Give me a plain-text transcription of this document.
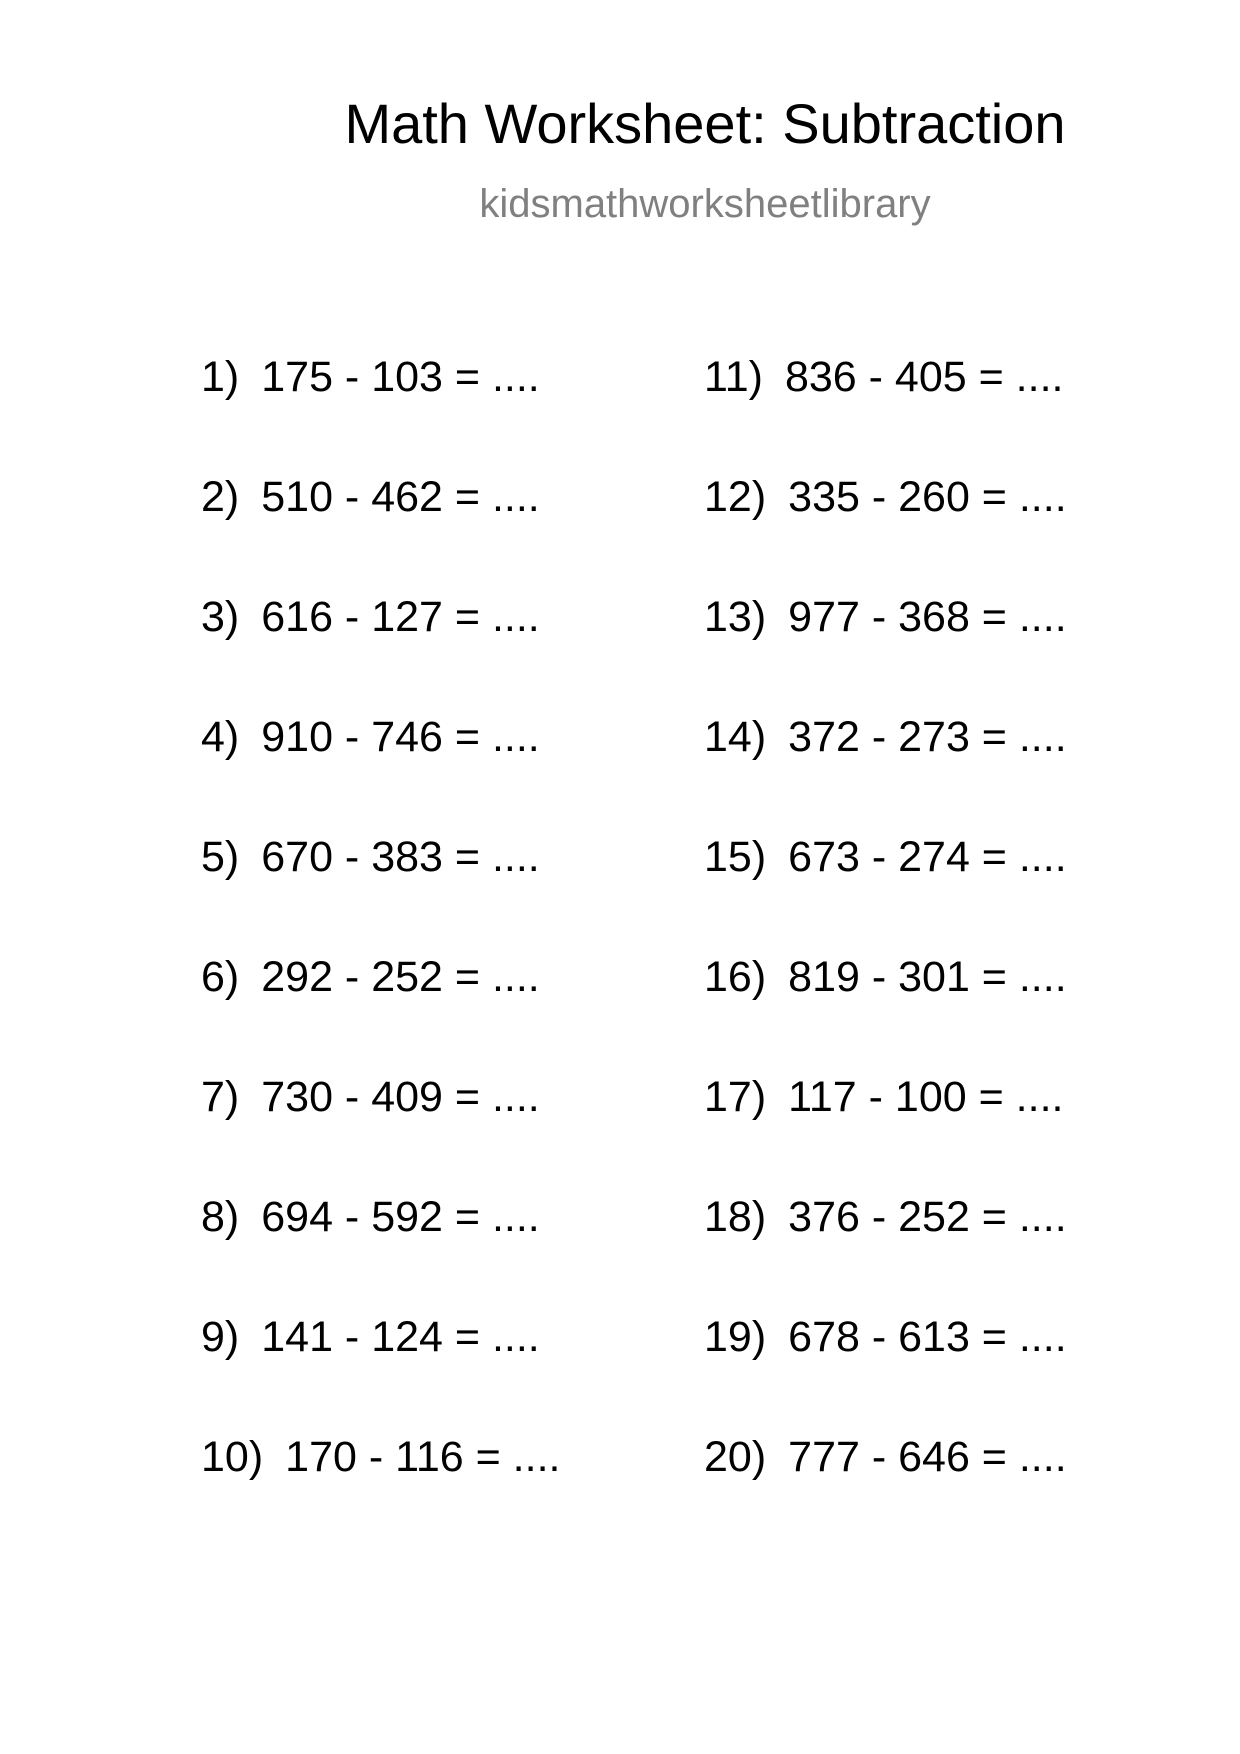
Math Worksheet: Subtraction
kidsmathworksheetlibrary
1) 175 - 103 = ....
2) 510 - 462 = ....
3) 616 - 127 = ....
4) 910 - 746 = ....
5) 670 - 383 = ....
6) 292 - 252 = ....
7) 730 - 409 = ....
8) 694 - 592 = ....
9) 141 - 124 = ....
10) 170 - 116 = ....
11) 836 - 405 = ....
12) 335 - 260 = ....
13) 977 - 368 = ....
14) 372 - 273 = ....
15) 673 - 274 = ....
16) 819 - 301 = ....
17) 117 - 100 = ....
18) 376 - 252 = ....
19) 678 - 613 = ....
20) 777 - 646 = ....
